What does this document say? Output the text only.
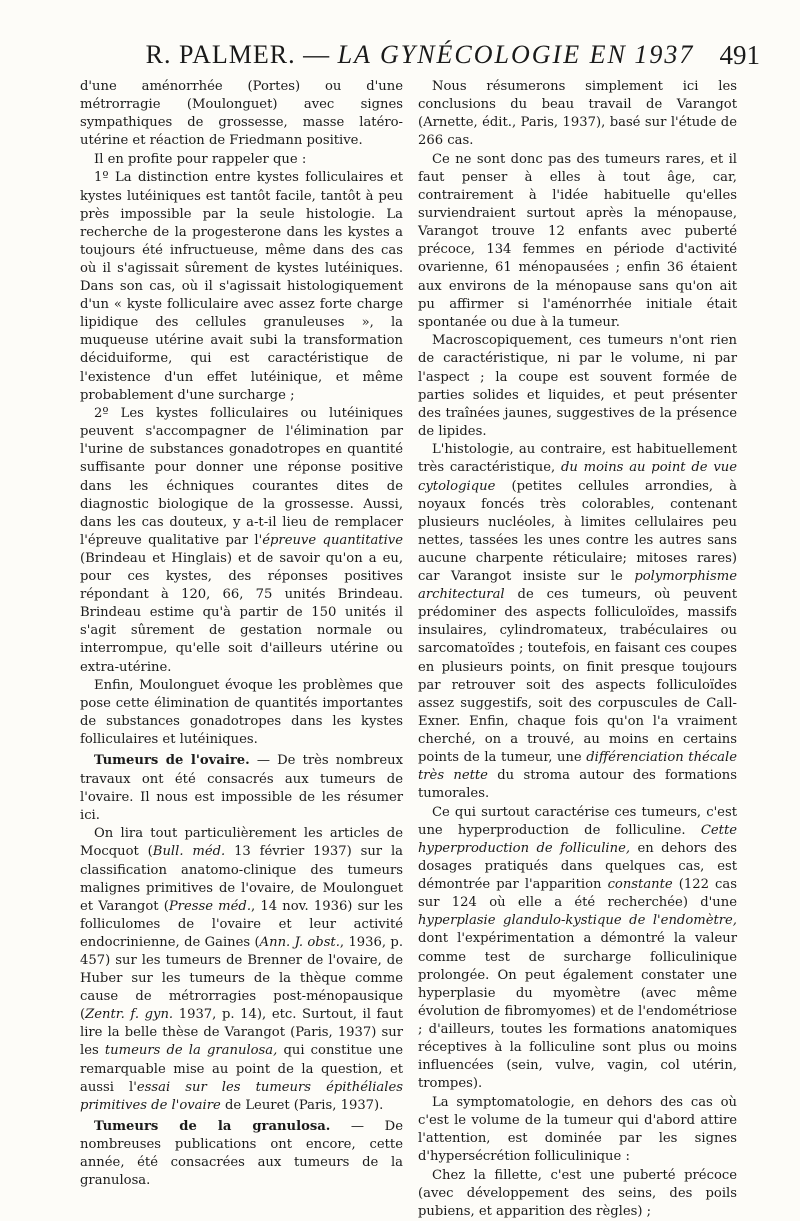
R. PALMER. — LA GYNÉCOLOGIE EN 1937 491

d'une aménorrhée (Portes) ou d'une métrorragie (Moulonguet) avec signes sympathiques de grossesse, masse latéro-utérine et réaction de Friedmann positive.

Il en profite pour rappeler que :

1º La distinction entre kystes folliculaires et kystes lutéiniques est tantôt facile, tantôt à peu près impossible par la seule histologie. La recherche de la progesterone dans les kystes a toujours été infructueuse, même dans des cas où il s'agissait sûrement de kystes lutéiniques. Dans son cas, où il s'agissait histologiquement d'un « kyste folliculaire avec assez forte charge lipidique des cellules granuleuses », la muqueuse utérine avait subi la transformation déciduiforme, qui est caractéristique de l'existence d'un effet lutéinique, et même probablement d'une surcharge ;

2º Les kystes folliculaires ou lutéiniques peuvent s'accompagner de l'élimination par l'urine de substances gonadotropes en quantité suffisante pour donner une réponse positive dans les échniques courantes dites de diagnostic biologique de la grossesse. Aussi, dans les cas douteux, y a-t-il lieu de remplacer l'épreuve qualitative par l'épreuve quantitative (Brindeau et Hinglais) et de savoir qu'on a eu, pour ces kystes, des réponses positives répondant à 120, 66, 75 unités Brindeau. Brindeau estime qu'à partir de 150 unités il s'agit sûrement de gestation normale ou interrompue, qu'elle soit d'ailleurs utérine ou extra-utérine.

Enfin, Moulonguet évoque les problèmes que pose cette élimination de quantités importantes de substances gonadotropes dans les kystes folliculaires et lutéiniques.

Tumeurs de l'ovaire. — De très nombreux travaux ont été consacrés aux tumeurs de l'ovaire. Il nous est impossible de les résumer ici.

On lira tout particulièrement les articles de Mocquot (Bull. méd. 13 février 1937) sur la classification anatomo-clinique des tumeurs malignes primitives de l'ovaire, de Moulonguet et Varangot (Presse méd., 14 nov. 1936) sur les folliculomes de l'ovaire et leur activité endocrinienne, de Gaines (Ann. J. obst., 1936, p. 457) sur les tumeurs de Brenner de l'ovaire, de Huber sur les tumeurs de la thèque comme cause de métrorragies post-ménopausique (Zentr. f. gyn. 1937, p. 14), etc. Surtout, il faut lire la belle thèse de Varangot (Paris, 1937) sur les tumeurs de la granulosa, qui constitue une remarquable mise au point de la question, et aussi l'essai sur les tumeurs épithéliales primitives de l'ovaire de Leuret (Paris, 1937).

Tumeurs de la granulosa. — De nombreuses publications ont encore, cette année, été consacrées aux tumeurs de la granulosa.

Nous résumerons simplement ici les conclusions du beau travail de Varangot (Arnette, édit., Paris, 1937), basé sur l'étude de 266 cas.

Ce ne sont donc pas des tumeurs rares, et il faut penser à elles à tout âge, car, contrairement à l'idée habituelle qu'elles surviendraient surtout après la ménopause, Varangot trouve 12 enfants avec puberté précoce, 134 femmes en période d'activité ovarienne, 61 ménopausées ; enfin 36 étaient aux environs de la ménopause sans qu'on ait pu affirmer si l'aménorrhée initiale était spontanée ou due à la tumeur.

Macroscopiquement, ces tumeurs n'ont rien de caractéristique, ni par le volume, ni par l'aspect ; la coupe est souvent formée de parties solides et liquides, et peut présenter des traînées jaunes, suggestives de la présence de lipides.

L'histologie, au contraire, est habituellement très caractéristique, du moins au point de vue cytologique (petites cellules arrondies, à noyaux foncés très colorables, contenant plusieurs nucléoles, à limites cellulaires peu nettes, tassées les unes contre les autres sans aucune charpente réticulaire; mitoses rares) car Varangot insiste sur le polymorphisme architectural de ces tumeurs, où peuvent prédominer des aspects folliculoïdes, massifs insulaires, cylindromateux, trabéculaires ou sarcomatoïdes ; toutefois, en faisant ces coupes en plusieurs points, on finit presque toujours par retrouver soit des aspects folliculoïdes assez suggestifs, soit des corpuscules de Call-Exner. Enfin, chaque fois qu'on l'a vraiment cherché, on a trouvé, au moins en certains points de la tumeur, une différenciation thécale très nette du stroma autour des formations tumorales.

Ce qui surtout caractérise ces tumeurs, c'est une hyperproduction de folliculine. Cette hyperproduction de folliculine, en dehors des dosages pratiqués dans quelques cas, est démontrée par l'apparition constante (122 cas sur 124 où elle a été recherchée) d'une hyperplasie glandulo-kystique de l'endomètre, dont l'expérimentation a démontré la valeur comme test de surcharge folliculinique prolongée. On peut également constater une hyperplasie du myomètre (avec même évolution de fibromyomes) et de l'endométriose ; d'ailleurs, toutes les formations anatomiques réceptives à la folliculine sont plus ou moins influencées (sein, vulve, vagin, col utérin, trompes).

La symptomatologie, en dehors des cas où c'est le volume de la tumeur qui d'abord attire l'attention, est dominée par les signes d'hypersécrétion folliculinique :

Chez la fillette, c'est une puberté précoce (avec développement des seins, des poils pubiens, et apparition des règles) ;
